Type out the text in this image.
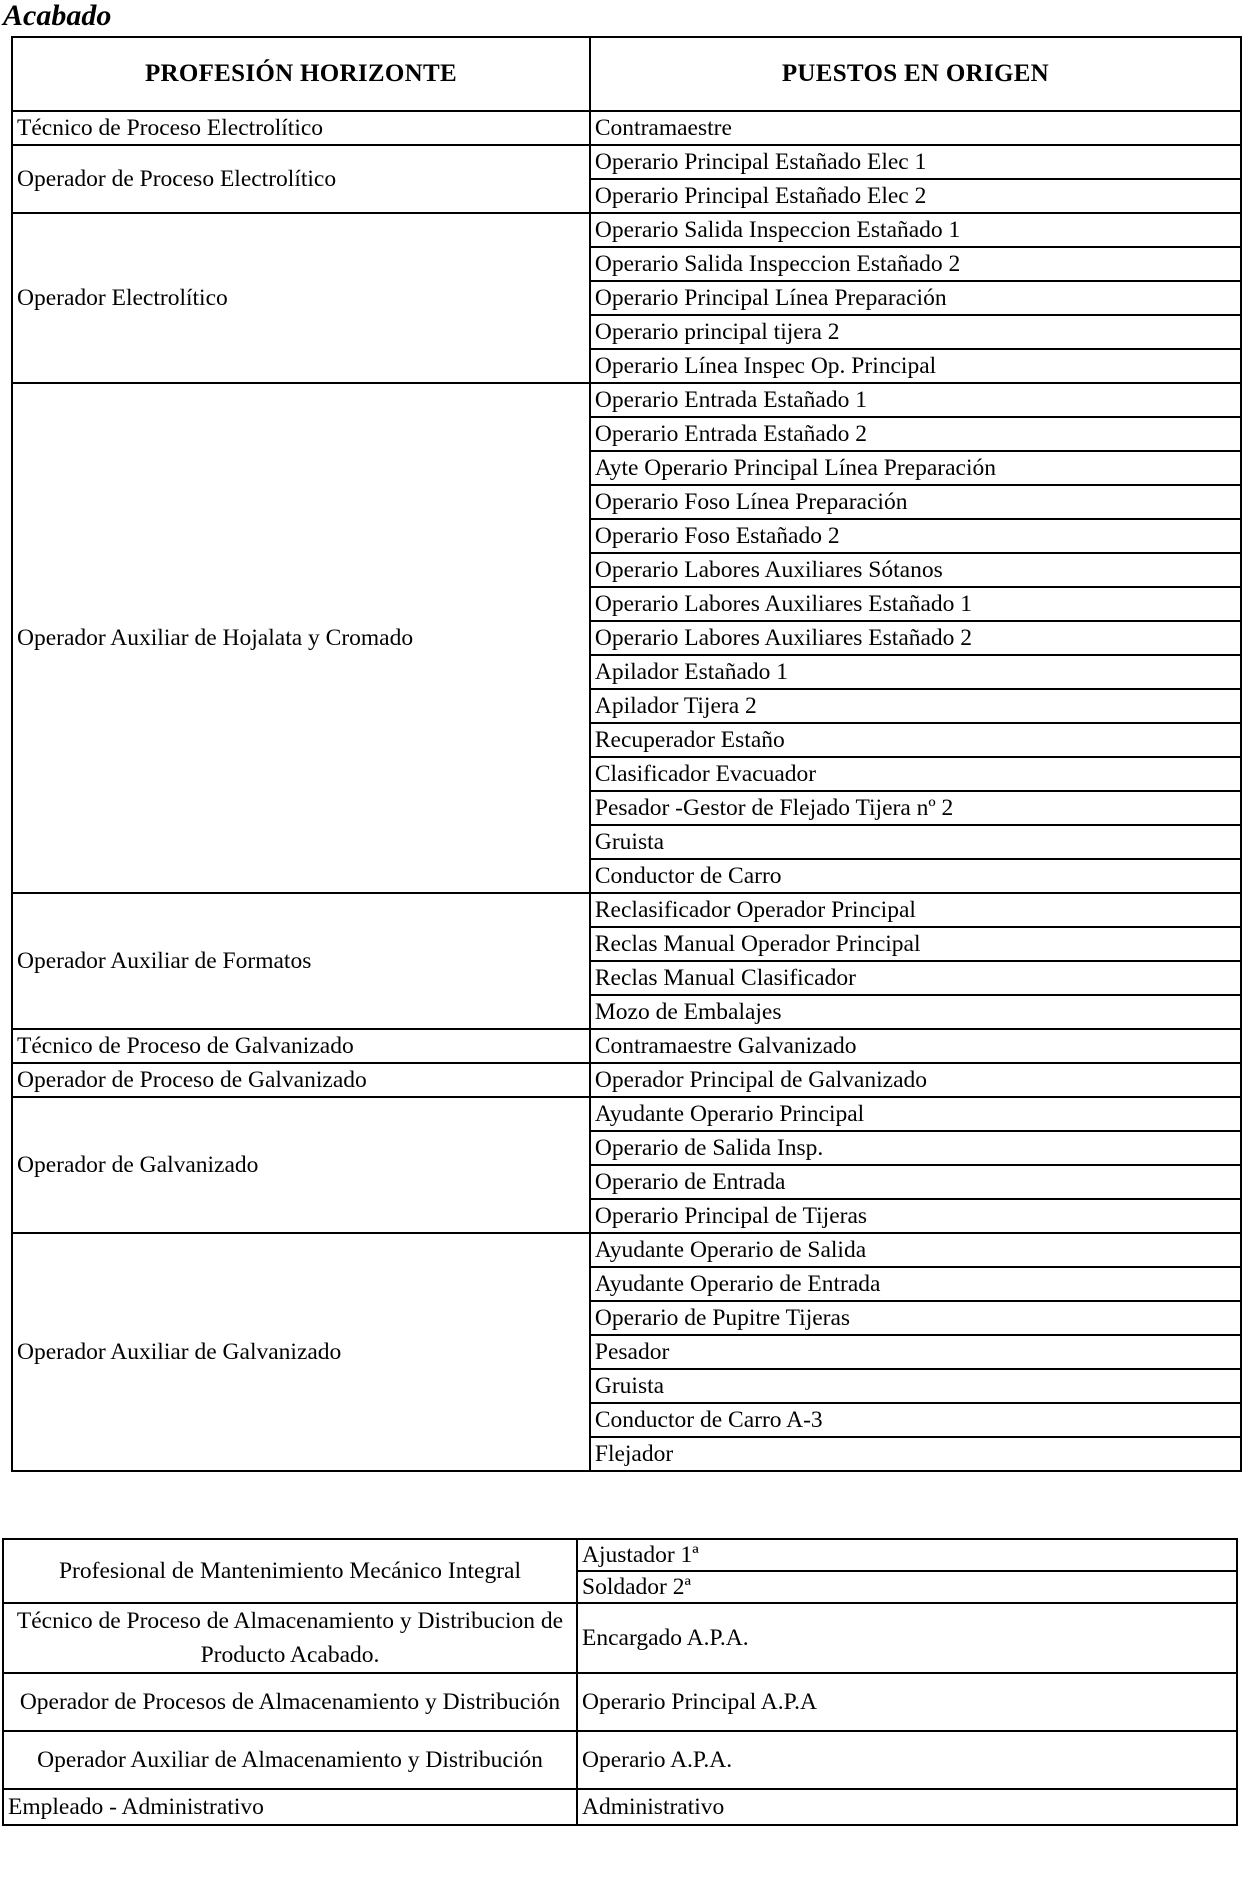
Acabado
PROFESIÓN HORIZONTE	PUESTOS EN ORIGEN
Técnico de Proceso Electrolítico	Contramaestre
Operador de Proceso Electrolítico	Operario Principal Estañado Elec 1
	Operario Principal Estañado Elec 2
Operador Electrolítico	Operario Salida Inspeccion Estañado 1
	Operario Salida Inspeccion Estañado 2
	Operario Principal Línea Preparación
	Operario principal tijera 2
	Operario Línea Inspec Op. Principal
Operador Auxiliar de Hojalata y Cromado	Operario Entrada Estañado 1
	Operario Entrada Estañado 2
	Ayte Operario Principal Línea Preparación
	Operario Foso Línea Preparación
	Operario Foso Estañado 2
	Operario Labores Auxiliares Sótanos
	Operario Labores Auxiliares Estañado 1
	Operario Labores Auxiliares Estañado 2
	Apilador Estañado 1
	Apilador Tijera 2
	Recuperador Estaño
	Clasificador Evacuador
	Pesador -Gestor de Flejado Tijera nº 2
	Gruista
	Conductor de Carro
Operador Auxiliar de Formatos	Reclasificador Operador Principal
	Reclas Manual Operador Principal
	Reclas Manual Clasificador
	Mozo de Embalajes
Técnico de Proceso de Galvanizado	Contramaestre Galvanizado
Operador de Proceso de Galvanizado	Operador Principal de Galvanizado
Operador de Galvanizado	Ayudante Operario Principal
	Operario de Salida Insp.
	Operario de Entrada
	Operario Principal de Tijeras
Operador Auxiliar de Galvanizado	Ayudante Operario de Salida
	Ayudante Operario de Entrada
	Operario de Pupitre Tijeras
	Pesador
	Gruista
	Conductor de Carro A-3
	Flejador
Profesional de Mantenimiento Mecánico Integral	Ajustador 1ª
	Soldador 2ª
Técnico de Proceso de Almacenamiento y Distribucion de Producto Acabado.	Encargado A.P.A.
Operador de Procesos de Almacenamiento y Distribución	Operario Principal A.P.A
Operador Auxiliar de Almacenamiento y Distribución	Operario A.P.A.
Empleado - Administrativo	Administrativo
